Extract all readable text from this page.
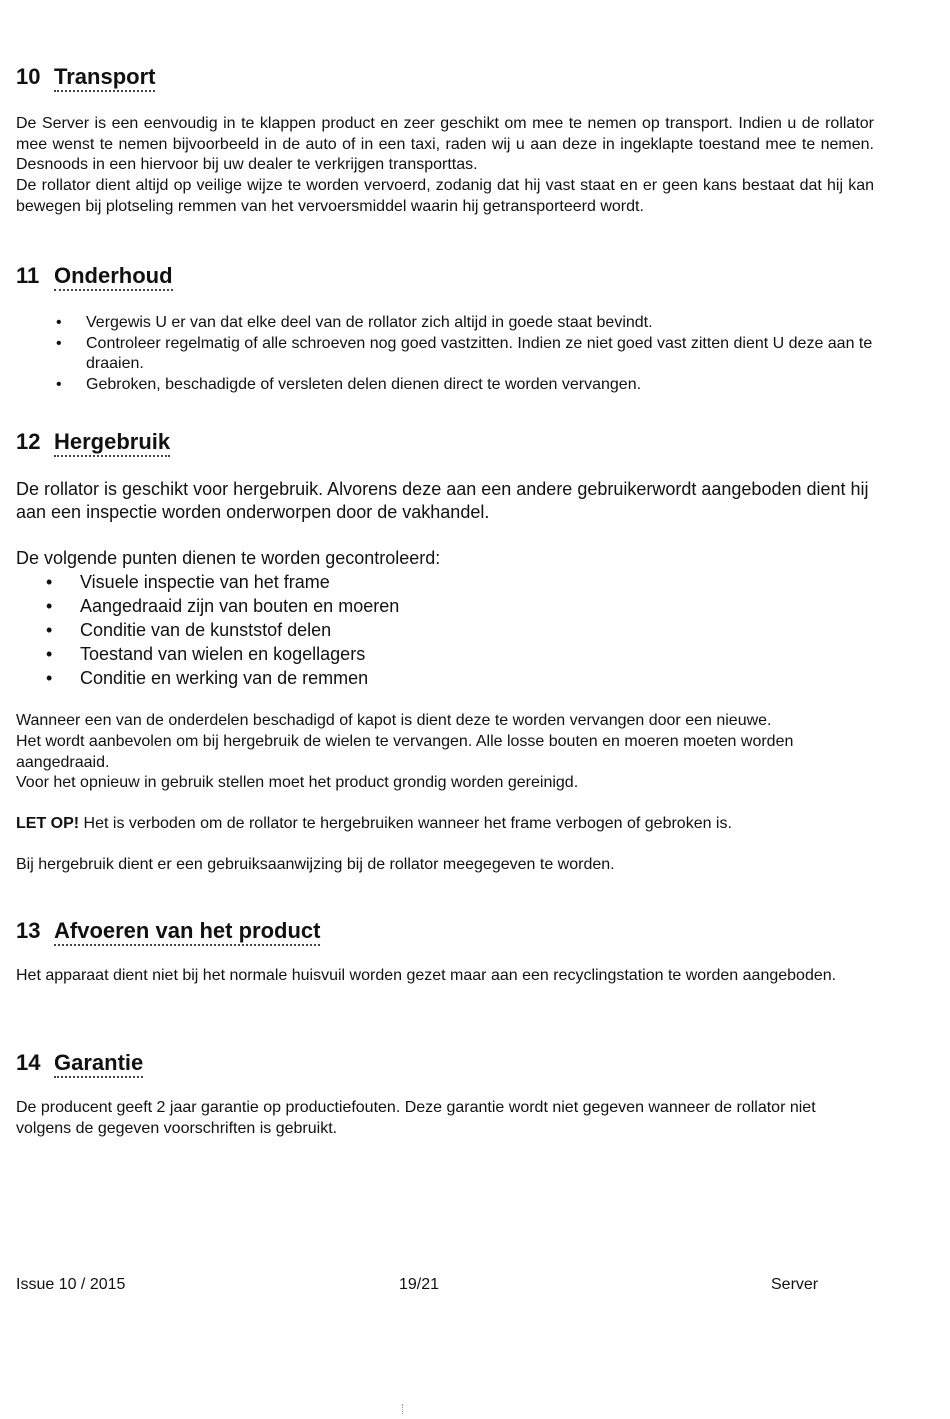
10 Transport

De Server is een eenvoudig in te klappen product en zeer geschikt om mee te nemen op transport. Indien u de rollator mee wenst te nemen bijvoorbeeld in de auto of in een taxi, raden wij u aan deze in ingeklapte toestand mee te nemen. Desnoods in een hiervoor bij uw dealer te verkrijgen transporttas.

De rollator dient altijd op veilige wijze te worden vervoerd, zodanig dat hij vast staat en er geen kans bestaat dat hij kan bewegen bij plotseling remmen van het vervoersmiddel waarin hij getransporteerd wordt.

11 Onderhoud
• Vergewis U er van dat elke deel van de rollator zich altijd in goede staat bevindt.
• Controleer regelmatig of alle schroeven nog goed vastzitten. Indien ze niet goed vast zitten dient U deze aan te draaien.
• Gebroken, beschadigde of versleten delen dienen direct te worden vervangen.
12 Hergebruik

De rollator is geschikt voor hergebruik. Alvorens deze aan een andere gebruikerwordt aangeboden dient hij aan een inspectie worden onderworpen door de vakhandel.

De volgende punten dienen te worden gecontroleerd:

• Visuele inspectie van het frame
• Aangedraaid zijn van bouten en moeren
• Conditie van de kunststof delen
• Toestand van wielen en kogellagers
• Conditie en werking van de remmen

Wanneer een van de onderdelen beschadigd of kapot is dient deze te worden vervangen door een nieuwe.

Het wordt aanbevolen om bij hergebruik de wielen te vervangen. Alle losse bouten en moeren moeten worden aangedraaid.

Voor het opnieuw in gebruik stellen moet het product grondig worden gereinigd.

LET OP! Het is verboden om de rollator te hergebruiken wanneer het frame verbogen of gebroken is.

Bij hergebruik dient er een gebruiksaanwijzing bij de rollator meegegeven te worden.

13 Afvoeren van het product

Het apparaat dient niet bij het normale huisvuil worden gezet maar aan een recyclingstation te worden aangeboden.

14 Garantie

De producent geeft 2 jaar garantie op productiefouten. Deze garantie wordt niet gegeven wanneer de rollator niet volgens de gegeven voorschriften is gebruikt.

Issue 10 / 2015	19/21	Server
